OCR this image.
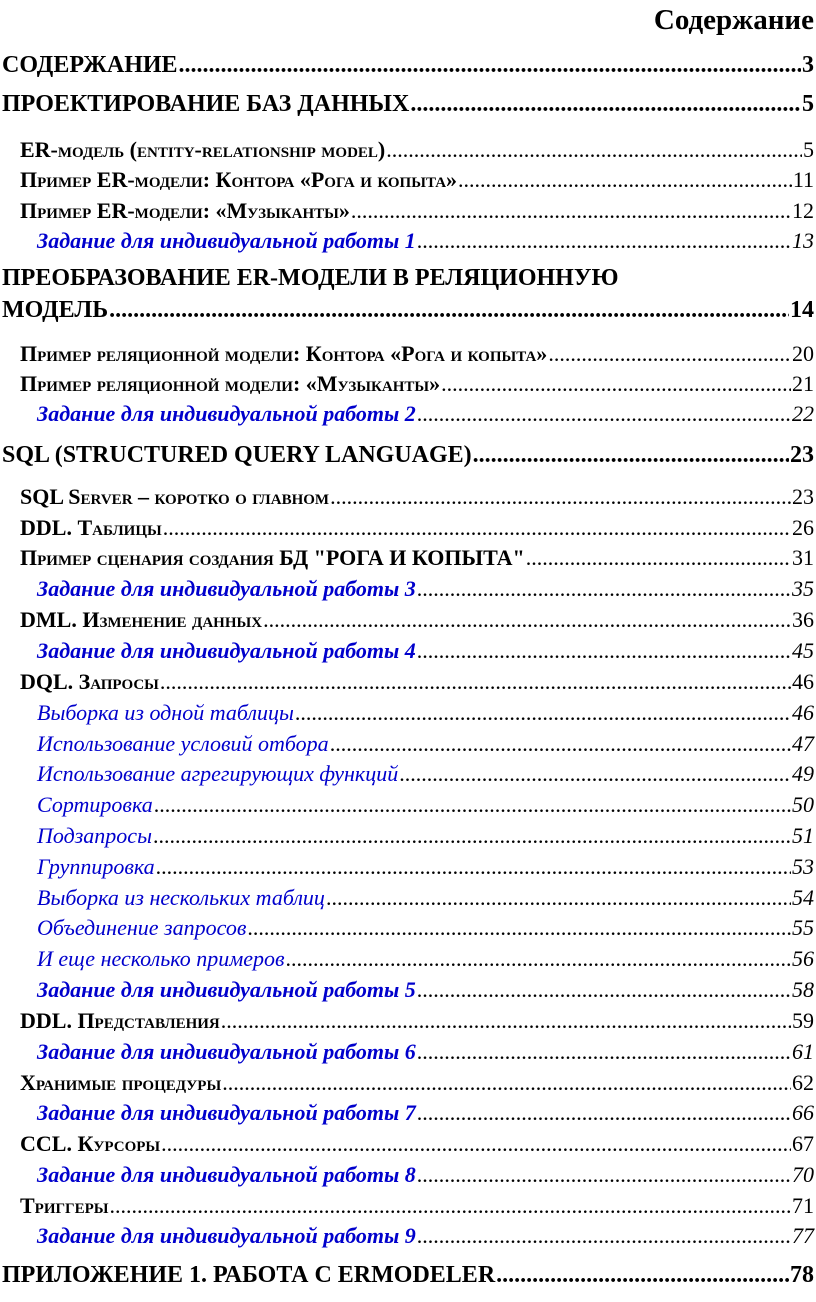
Содержание
СОДЕРЖАНИЕ .....	3
ПРОЕКТИРОВАНИЕ БАЗ ДАННЫХ .....	5
ER-модель (entity-relationship model) .....	5
Пример ER-модели: Контора «Рога и копыта» .....	11
Пример ER-модели: «Музыканты» .....	12
Задание для индивидуальной работы 1 .....	13
ПРЕОБРАЗОВАНИЕ ER-МОДЕЛИ В РЕЛЯЦИОННУЮ
МОДЕЛЬ .....	14
Пример реляционной модели: Контора «Рога и копыта» .....	20
Пример реляционной модели: «Музыканты» .....	21
Задание для индивидуальной работы 2 .....	22
SQL (STRUCTURED QUERY LANGUAGE) .....	23
SQL Server – коротко о главном .....	23
DDL. Таблицы .....	26
Пример сценария создания БД "РОГА И КОПЫТА" .....	31
Задание для индивидуальной работы 3 .....	35
DML. Изменение данных .....	36
Задание для индивидуальной работы 4 .....	45
DQL. Запросы .....	46
Выборка из одной таблицы .....	46
Использование условий отбора .....	47
Использование агрегирующих функций .....	49
Сортировка .....	50
Подзапросы .....	51
Группировка .....	53
Выборка из нескольких таблиц .....	54
Объединение запросов .....	55
И еще несколько примеров .....	56
Задание для индивидуальной работы 5 .....	58
DDL. Представления .....	59
Задание для индивидуальной работы 6 .....	61
Хранимые процедуры .....	62
Задание для индивидуальной работы 7 .....	66
CCL. Курсоры .....	67
Задание для индивидуальной работы 8 .....	70
Триггеры .....	71
Задание для индивидуальной работы 9 .....	77
ПРИЛОЖЕНИЕ 1. РАБОТА С ERMODELER .....	78
